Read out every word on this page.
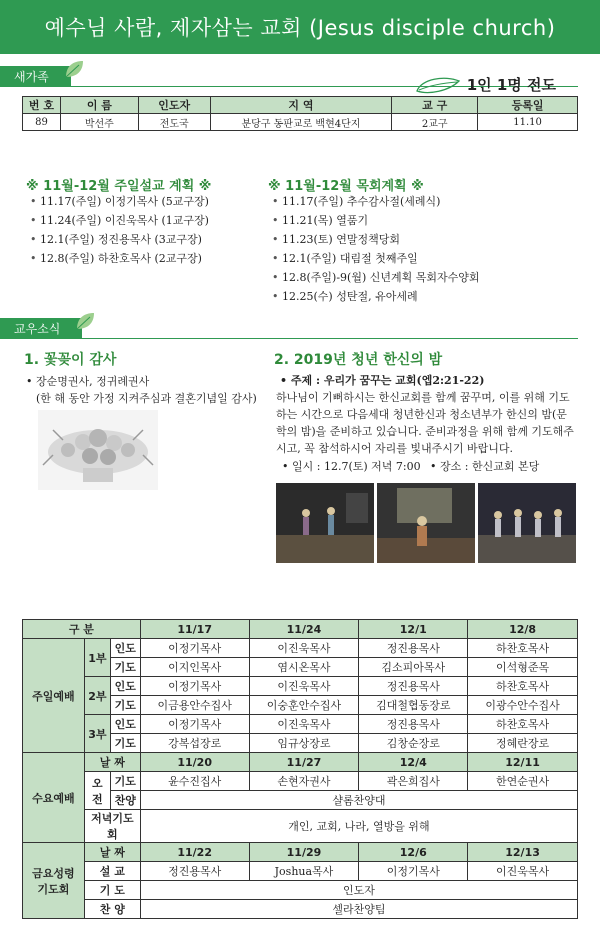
예수님 사람, 제자삼는 교회 (Jesus disciple church)
새가족	1인 1명 전도
번 호	이 름	인도자	지 역	교 구	등록일
89	박선주	전도국	분당구 동판교로 백현4단지	2교구	11.10
※ 11월-12월 주일설교 계획 ※
• 11.17(주일) 이정기목사 (5교구장)
• 11.24(주일) 이진욱목사 (1교구장)
• 12.1(주일) 정진용목사 (3교구장)
• 12.8(주일) 하찬호목사 (2교구장)
※ 11월-12월 목회계획 ※
• 11.17(주일) 추수감사절(세례식)
• 11.21(목) 열품기
• 11.23(토) 연말정책당회
• 12.1(주일) 대림절 첫째주일
• 12.8(주일)-9(월) 신년계획 목회자수양회
• 12.25(수) 성탄절, 유아세례
교우소식
1. 꽃꽂이 감사
• 장순명권사, 정귀례권사
(한 해 동안 가정 지켜주심과 결혼기념일 감사)
2. 2019년 청년 한신의 밤
• 주제 : 우리가 꿈꾸는 교회(엡2:21-22)
하나님이 기뻐하시는 한신교회를 함께 꿈꾸며, 이를 위해 기도하는 시간으로 다음세대 청년한신과 청소년부가 한신의 밤(문학의 밤)을 준비하고 있습니다. 준비과정을 위해 함께 기도해주시고, 꼭 참석하시어 자리를 빛내주시기 바랍니다.
• 일시 : 12.7(토) 저녁 7:00 • 장소 : 한신교회 본당
구 분			11/17	11/24	12/1	12/8
주일예배	1부	인도	이정기목사	이진욱목사	정진용목사	하찬호목사
		기도	이지인목사	염시온목사	김소피아목사	이석형준목
	2부	인도	이정기목사	이진욱목사	정진용목사	하찬호목사
		기도	이금용안수집사	이숭훈안수집사	김대철협동장로	이광수안수집사
	3부	인도	이정기목사	이진욱목사	정진용목사	하찬호목사
		기도	강복섭장로	임규상장로	김창순장로	정혜란장로
수요예배	날 짜		11/20	11/27	12/4	12/11
	오전	기도	윤수진집사	손현자권사	곽은희집사	한연순권사
		찬양	샬롬찬양대			
	저녁기도회		개인, 교회, 나라, 열방을 위해			
금요성령 기도회	날 짜		11/22	11/29	12/6	12/13
	설 교		정진용목사	Joshua목사	이정기목사	이진욱목사
	기 도		인도자			
	찬 양		셀라찬양팀			
